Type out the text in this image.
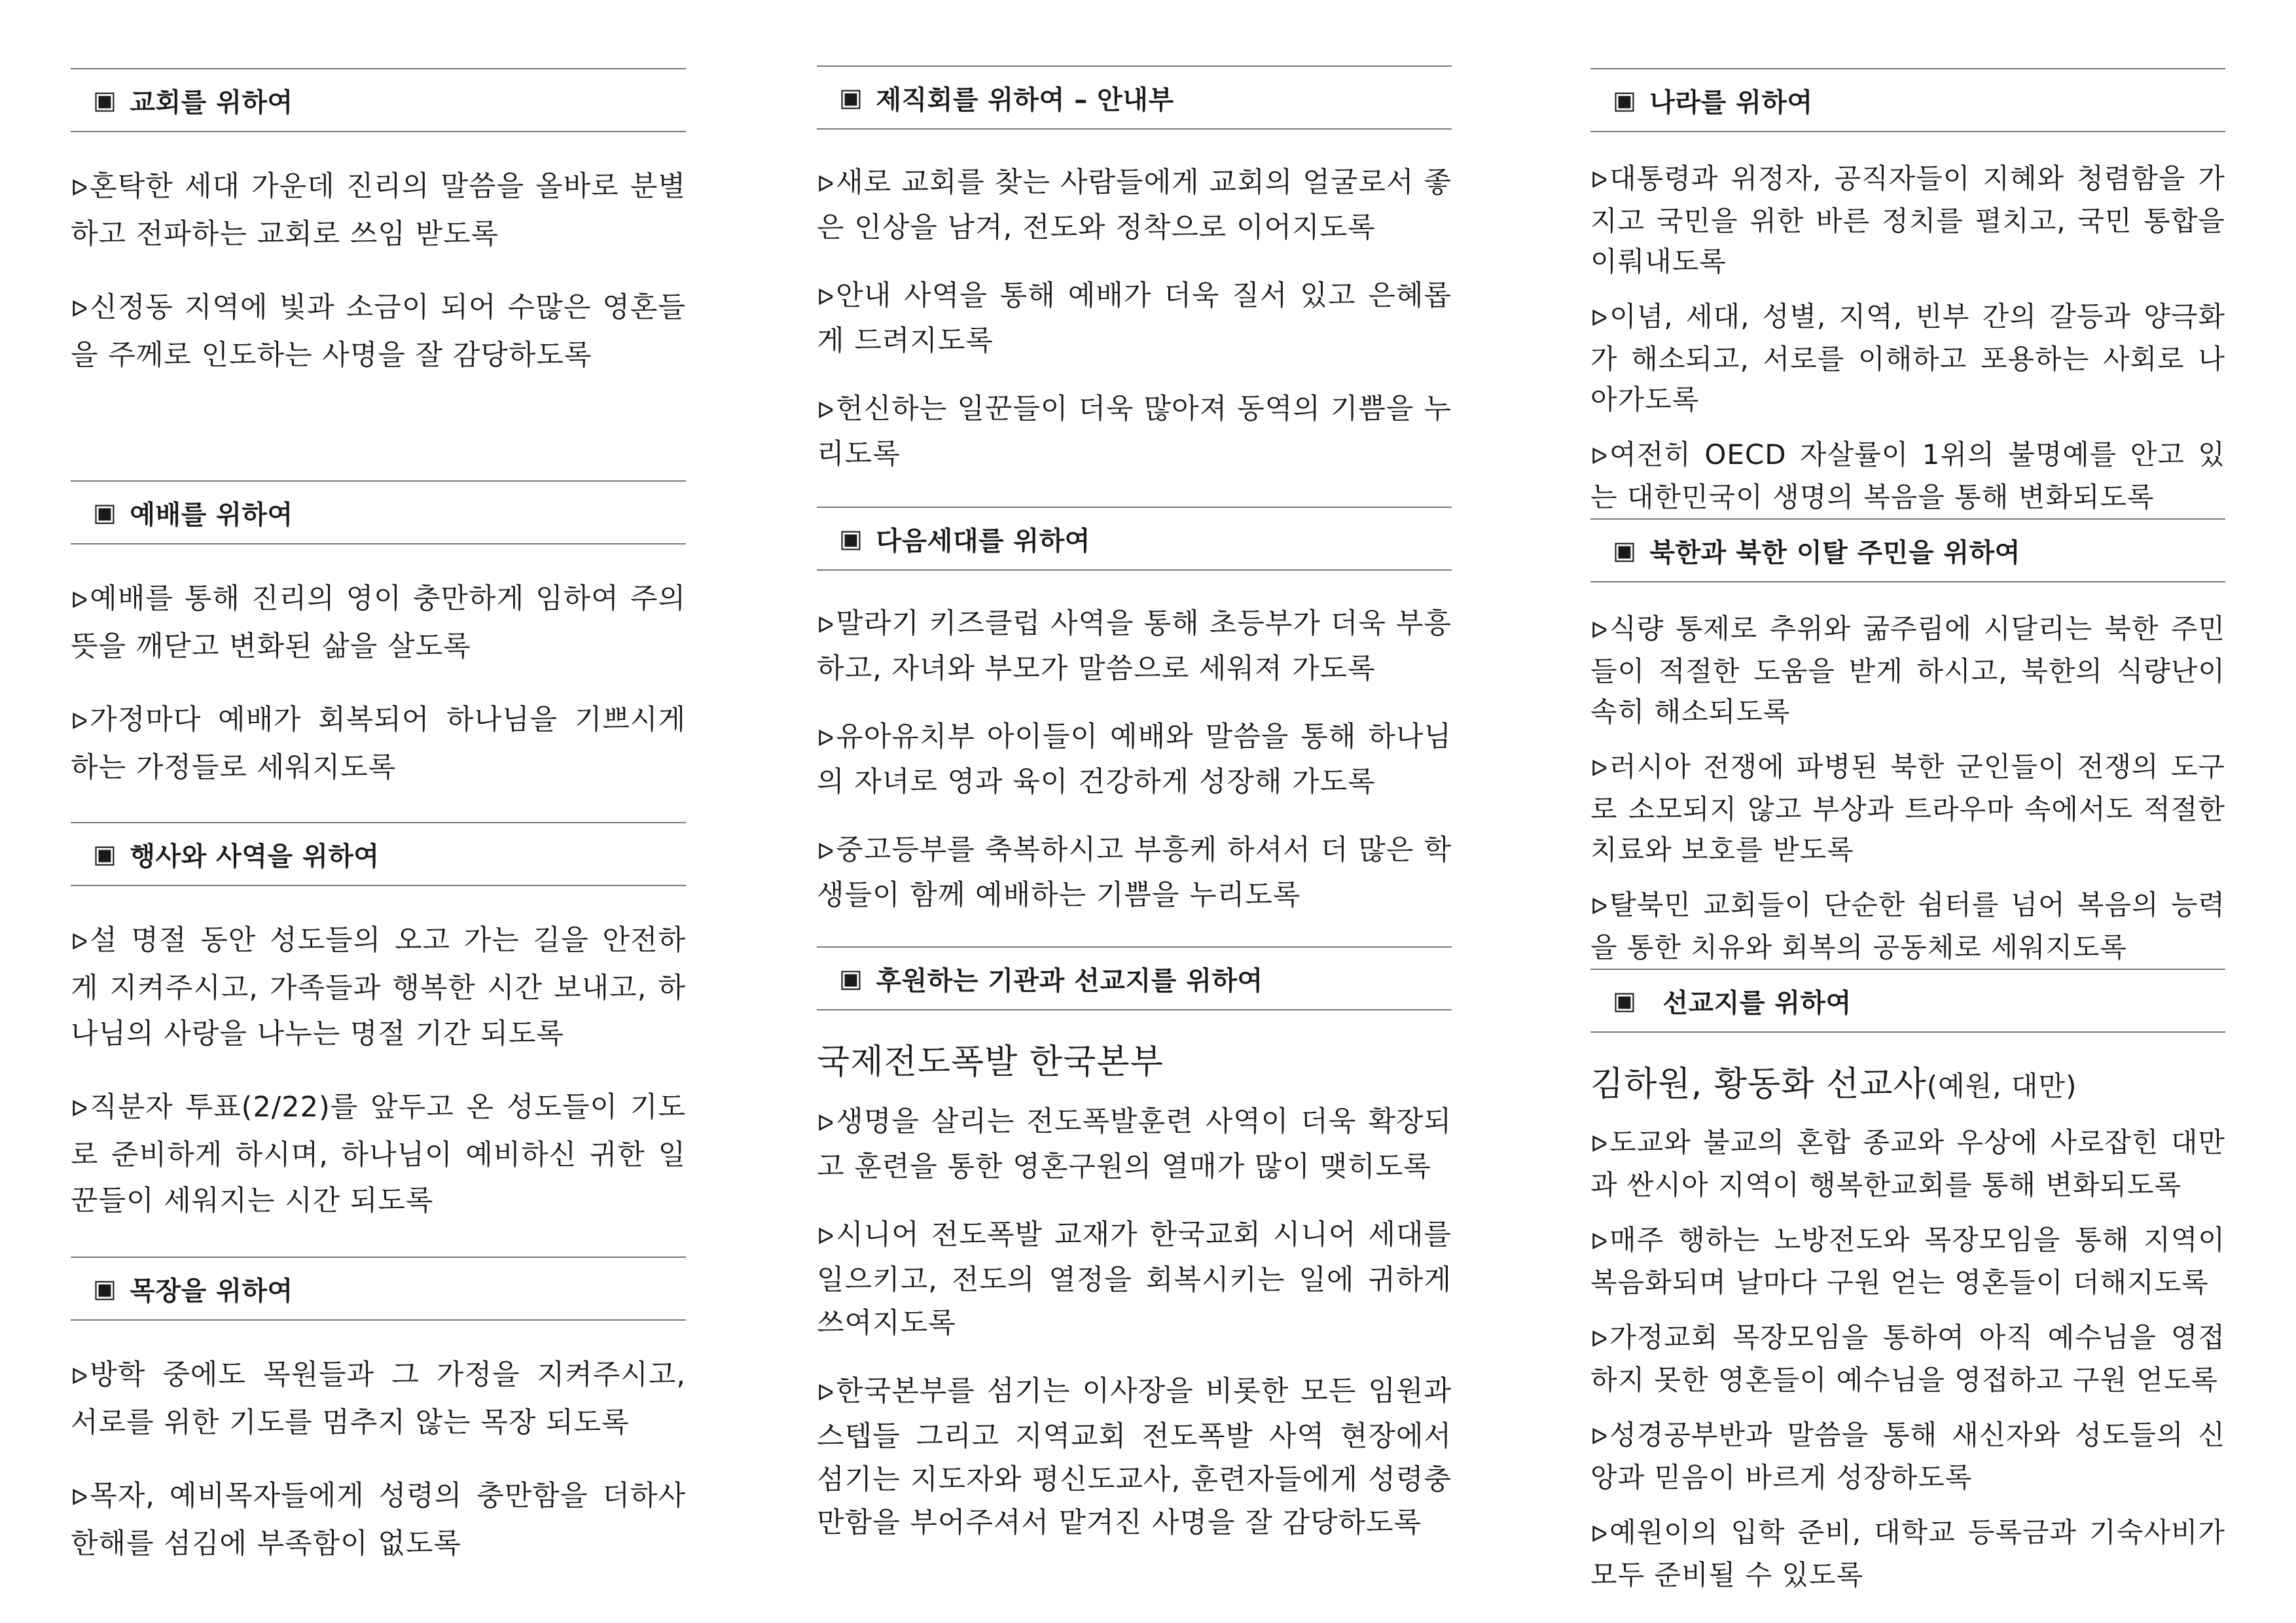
▣ 교회를 위하여

ᐅ혼탁한 세대 가운데 진리의 말씀을 올바로 분별하고 전파하는 교회로 쓰임 받도록

ᐅ신정동 지역에 빛과 소금이 되어 수많은 영혼들을 주께로 인도하는 사명을 잘 감당하도록

▣ 예배를 위하여

ᐅ예배를 통해 진리의 영이 충만하게 임하여 주의 뜻을 깨닫고 변화된 삶을 살도록

ᐅ가정마다 예배가 회복되어 하나님을 기쁘시게 하는 가정들로 세워지도록

▣ 행사와 사역을 위하여

ᐅ설 명절 동안 성도들의 오고 가는 길을 안전하게 지켜주시고, 가족들과 행복한 시간 보내고, 하나님의 사랑을 나누는 명절 기간 되도록

ᐅ직분자 투표(2/22)를 앞두고 온 성도들이 기도로 준비하게 하시며, 하나님이 예비하신 귀한 일꾼들이 세워지는 시간 되도록

▣ 목장을 위하여

ᐅ방학 중에도 목원들과 그 가정을 지켜주시고, 서로를 위한 기도를 멈추지 않는 목장 되도록

ᐅ목자, 예비목자들에게 성령의 충만함을 더하사 한해를 섬김에 부족함이 없도록

▣ 제직회를 위하여 – 안내부

ᐅ새로 교회를 찾는 사람들에게 교회의 얼굴로서 좋은 인상을 남겨, 전도와 정착으로 이어지도록

ᐅ안내 사역을 통해 예배가 더욱 질서 있고 은혜롭게 드려지도록

ᐅ헌신하는 일꾼들이 더욱 많아져 동역의 기쁨을 누리도록

▣ 다음세대를 위하여

ᐅ말라기 키즈클럽 사역을 통해 초등부가 더욱 부흥하고, 자녀와 부모가 말씀으로 세워져 가도록

ᐅ유아유치부 아이들이 예배와 말씀을 통해 하나님의 자녀로 영과 육이 건강하게 성장해 가도록

ᐅ중고등부를 축복하시고 부흥케 하셔서 더 많은 학생들이 함께 예배하는 기쁨을 누리도록

▣ 후원하는 기관과 선교지를 위하여
국제전도폭발 한국본부

ᐅ생명을 살리는 전도폭발훈련 사역이 더욱 확장되고 훈련을 통한 영혼구원의 열매가 많이 맺히도록

ᐅ시니어 전도폭발 교재가 한국교회 시니어 세대를 일으키고, 전도의 열정을 회복시키는 일에 귀하게 쓰여지도록

ᐅ한국본부를 섬기는 이사장을 비롯한 모든 임원과 스텝들 그리고 지역교회 전도폭발 사역 현장에서 섬기는 지도자와 평신도교사, 훈련자들에게 성령충만함을 부어주셔서 맡겨진 사명을 잘 감당하도록

▣ 나라를 위하여

ᐅ대통령과 위정자, 공직자들이 지혜와 청렴함을 가지고 국민을 위한 바른 정치를 펼치고, 국민 통합을 이뤄내도록

ᐅ이념, 세대, 성별, 지역, 빈부 간의 갈등과 양극화가 해소되고, 서로를 이해하고 포용하는 사회로 나아가도록

ᐅ여전히 OECD 자살률이 1위의 불명예를 안고 있는 대한민국이 생명의 복음을 통해 변화되도록

▣ 북한과 북한 이탈 주민을 위하여

ᐅ식량 통제로 추위와 굶주림에 시달리는 북한 주민들이 적절한 도움을 받게 하시고, 북한의 식량난이 속히 해소되도록

ᐅ러시아 전쟁에 파병된 북한 군인들이 전쟁의 도구로 소모되지 않고 부상과 트라우마 속에서도 적절한 치료와 보호를 받도록

ᐅ탈북민 교회들이 단순한 쉼터를 넘어 복음의 능력을 통한 치유와 회복의 공동체로 세워지도록

▣ 선교지를 위하여
김하원, 황동화 선교사(예원, 대만)

ᐅ도교와 불교의 혼합 종교와 우상에 사로잡힌 대만과 싼시아 지역이 행복한교회를 통해 변화되도록

ᐅ매주 행하는 노방전도와 목장모임을 통해 지역이 복음화되며 날마다 구원 얻는 영혼들이 더해지도록

ᐅ가정교회 목장모임을 통하여 아직 예수님을 영접하지 못한 영혼들이 예수님을 영접하고 구원 얻도록

ᐅ성경공부반과 말씀을 통해 새신자와 성도들의 신앙과 믿음이 바르게 성장하도록

ᐅ예원이의 입학 준비, 대학교 등록금과 기숙사비가 모두 준비될 수 있도록
